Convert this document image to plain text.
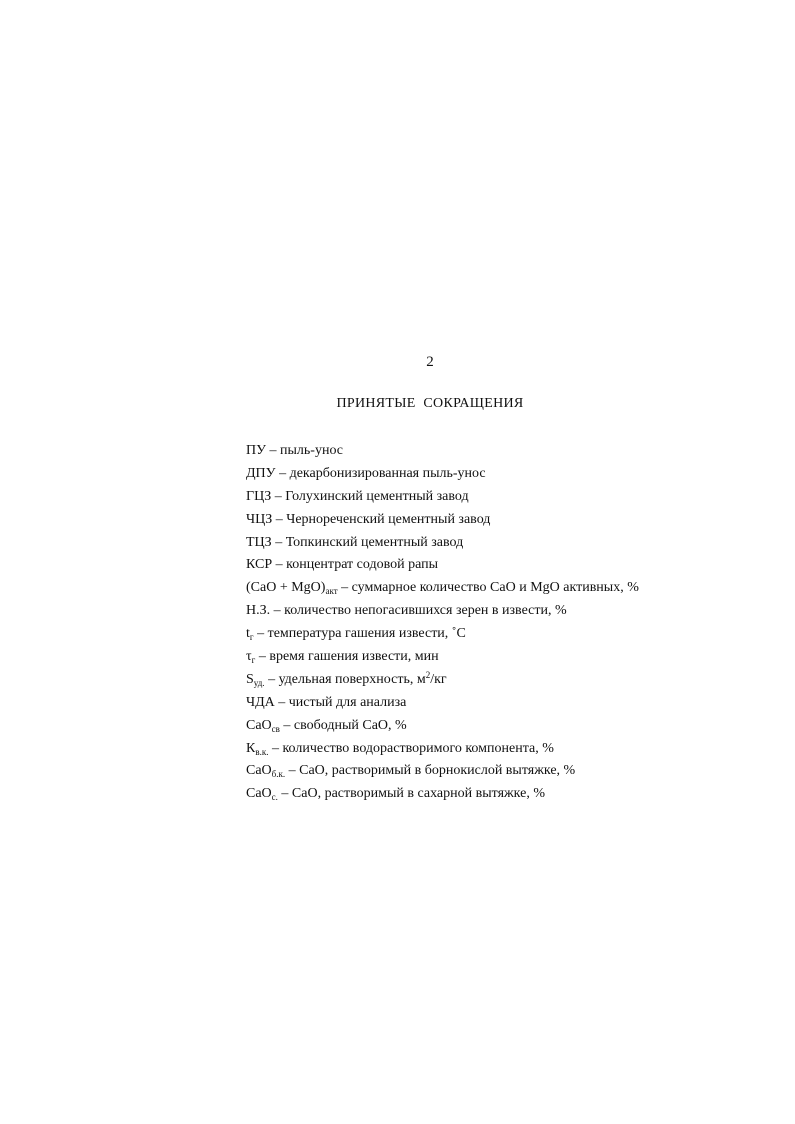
2
ПРИНЯТЫЕ СОКРАЩЕНИЯ
ПУ – пыль-унос
ДПУ – декарбонизированная пыль-унос
ГЦЗ – Голухинский цементный завод
ЧЦЗ – Чернореченский цементный завод
ТЦЗ – Топкинский цементный завод
КСР – концентрат содовой рапы
$(CaO + MgO)_{акт}$ – суммарное количество CaO и MgO активных, %
Н.З. – количество непогасившихся зерен в извести, %
$t_г$ – температура гашения извести, ˚С
$\tau_г$ – время гашения извести, мин
$S_{уд.}$ – удельная поверхность, $м^2/кг$
ЧДА – чистый для анализа
CaO$_{св}$ – свободный CaO, %
$К_{в.к.}$ – количество водорастворимого компонента, %
CaO$_{б.к.}$ – CaO, растворимый в борнокислой вытяжке, %
CaO$_{с.}$ – CaO, растворимый в сахарной вытяжке, %
